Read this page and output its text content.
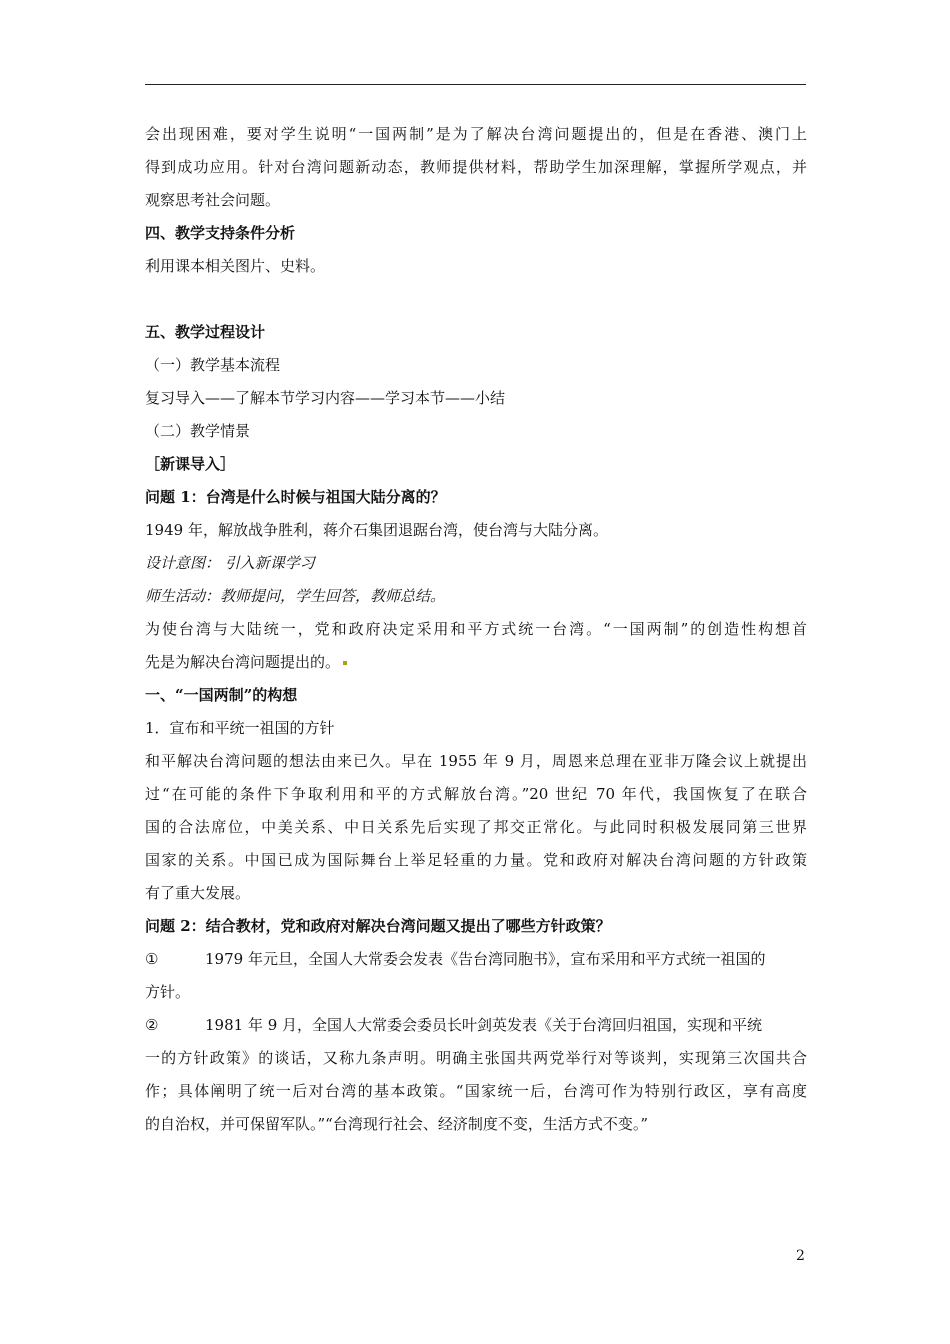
会出现困难，要对学生说明“一国两制”是为了解决台湾问题提出的，但是在香港、澳门上
得到成功应用。针对台湾问题新动态，教师提供材料，帮助学生加深理解，掌握所学观点，并
观察思考社会问题。
四、教学支持条件分析
利用课本相关图片、史料。
五、教学过程设计
（一）教学基本流程
复习导入——了解本节学习内容——学习本节——小结
（二）教学情景
［新课导入］
问题 1：台湾是什么时候与祖国大陆分离的？
1949 年，解放战争胜利，蒋介石集团退踞台湾，使台湾与大陆分离。
设计意图： 引入新课学习
师生活动：教师提问，学生回答，教师总结。
为使台湾与大陆统一，党和政府决定采用和平方式统一台湾。“一国两制”的创造性构想首
先是为解决台湾问题提出的。
一、“一国两制”的构想
1．宣布和平统一祖国的方针
和平解决台湾问题的想法由来已久。早在 1955 年 9 月，周恩来总理在亚非万隆会议上就提出
过“在可能的条件下争取利用和平的方式解放台湾。”20 世纪 70 年代，我国恢复了在联合
国的合法席位，中美关系、中日关系先后实现了邦交正常化。与此同时积极发展同第三世界
国家的关系。中国已成为国际舞台上举足轻重的力量。党和政府对解决台湾问题的方针政策
有了重大发展。
问题 2：结合教材，党和政府对解决台湾问题又提出了哪些方针政策？
①	1979 年元旦，全国人大常委会发表《告台湾同胞书》，宣布采用和平方式统一祖国的
方针。
②	1981 年 9 月，全国人大常委会委员长叶剑英发表《关于台湾回归祖国，实现和平统
一的方针政策》的谈话，又称九条声明。明确主张国共两党举行对等谈判，实现第三次国共合
作；具体阐明了统一后对台湾的基本政策。“国家统一后，台湾可作为特别行政区，享有高度
的自治权，并可保留军队。”“台湾现行社会、经济制度不变，生活方式不变。”
2
